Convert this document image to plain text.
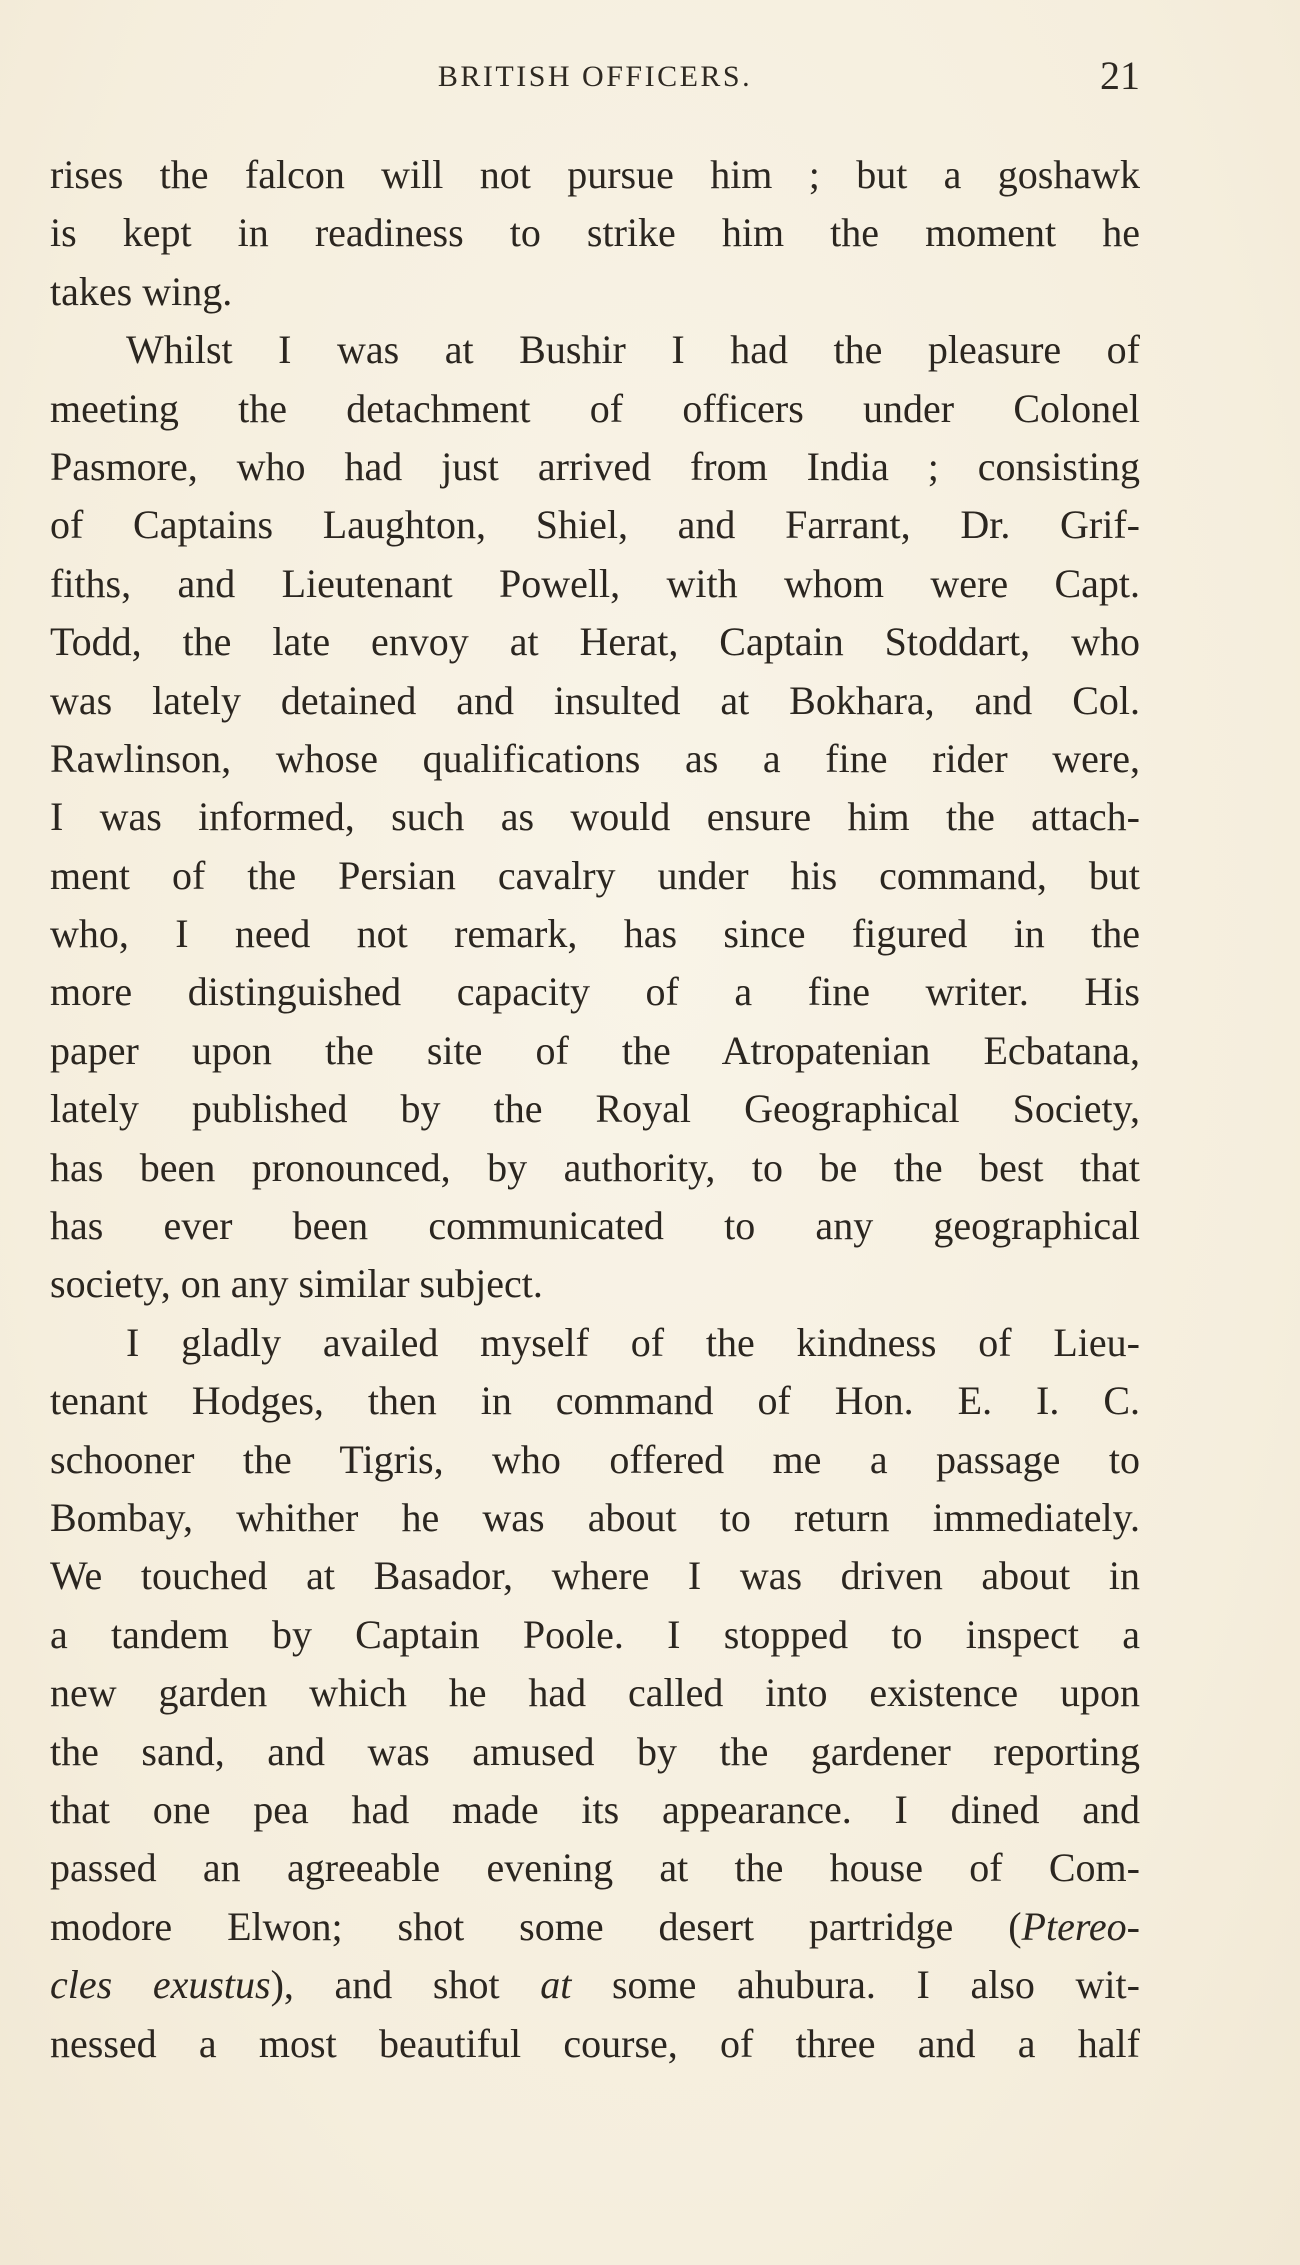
BRITISH OFFICERS.	21
rises the falcon will not pursue him ; but a goshawk
is kept in readiness to strike him the moment he
takes wing.
Whilst I was at Bushir I had the pleasure of
meeting the detachment of officers under Colonel
Pasmore, who had just arrived from India ; consisting
of Captains Laughton, Shiel, and Farrant, Dr. Grif-
fiths, and Lieutenant Powell, with whom were Capt.
Todd, the late envoy at Herat, Captain Stoddart, who
was lately detained and insulted at Bokhara, and Col.
Rawlinson, whose qualifications as a fine rider were,
I was informed, such as would ensure him the attach-
ment of the Persian cavalry under his command, but
who, I need not remark, has since figured in the
more distinguished capacity of a fine writer. His
paper upon the site of the Atropatenian Ecbatana,
lately published by the Royal Geographical Society,
has been pronounced, by authority, to be the best that
has ever been communicated to any geographical
society, on any similar subject.
I gladly availed myself of the kindness of Lieu-
tenant Hodges, then in command of Hon. E. I. C.
schooner the Tigris, who offered me a passage to
Bombay, whither he was about to return immediately.
We touched at Basador, where I was driven about in
a tandem by Captain Poole. I stopped to inspect a
new garden which he had called into existence upon
the sand, and was amused by the gardener reporting
that one pea had made its appearance. I dined and
passed an agreeable evening at the house of Com-
modore Elwon; shot some desert partridge (Ptereo-
cles exustus), and shot at some ahubura. I also wit-
nessed a most beautiful course, of three and a half
